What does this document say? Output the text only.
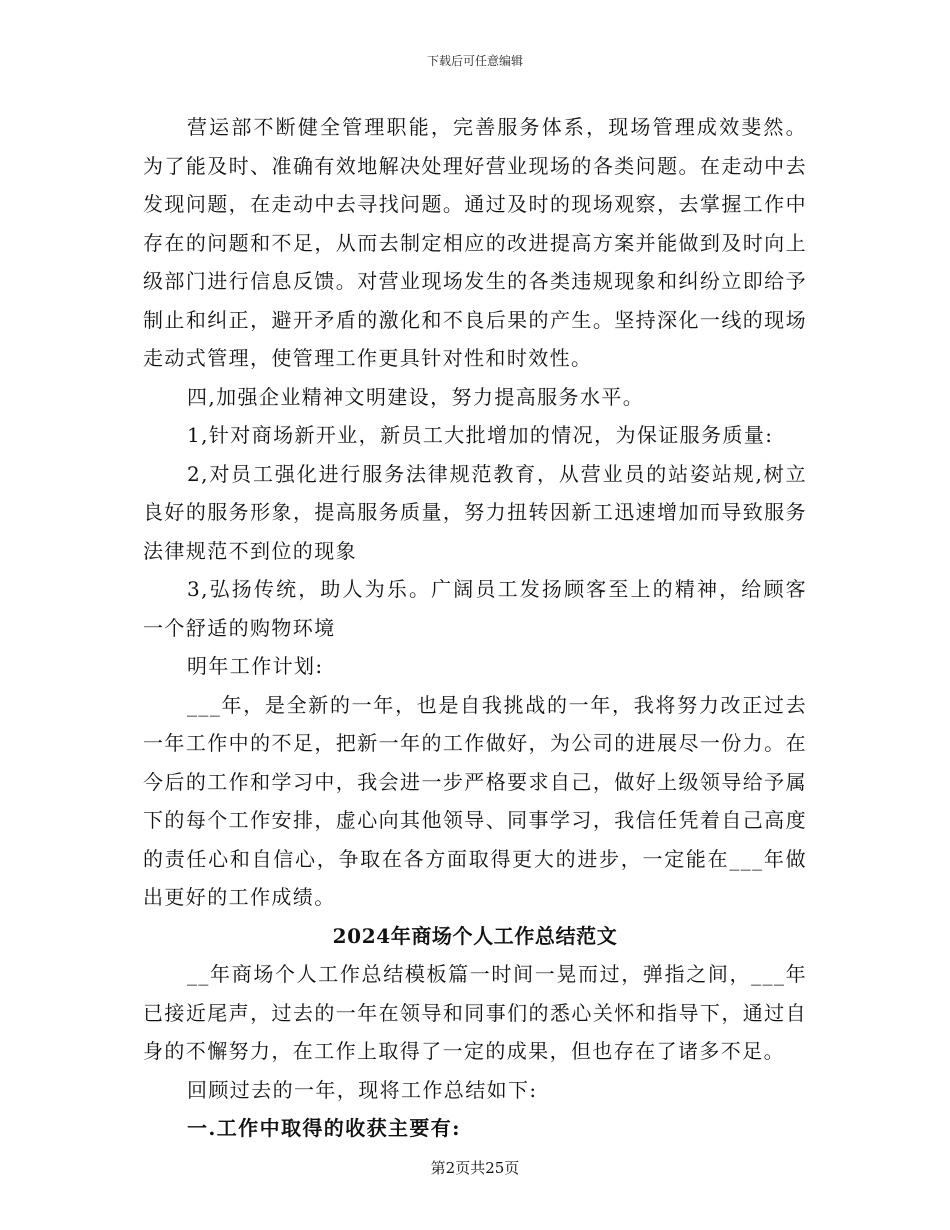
下载后可任意编辑

营运部不断健全管理职能，完善服务体系，现场管理成效斐然。为了能及时、准确有效地解决处理好营业现场的各类问题。在走动中去发现问题，在走动中去寻找问题。通过及时的现场观察，去掌握工作中存在的问题和不足，从而去制定相应的改进提高方案并能做到及时向上级部门进行信息反馈。对营业现场发生的各类违规现象和纠纷立即给予制止和纠正，避开矛盾的激化和不良后果的产生。坚持深化一线的现场走动式管理，使管理工作更具针对性和时效性。

四,加强企业精神文明建设，努力提高服务水平。

1,针对商场新开业，新员工大批增加的情况，为保证服务质量:

2,对员工强化进行服务法律规范教育，从营业员的站姿站规,树立良好的服务形象，提高服务质量，努力扭转因新工迅速增加而导致服务法律规范不到位的现象

3,弘扬传统，助人为乐。广阔员工发扬顾客至上的精神，给顾客一个舒适的购物环境

明年工作计划:

___年，是全新的一年，也是自我挑战的一年，我将努力改正过去一年工作中的不足，把新一年的工作做好，为公司的进展尽一份力。在今后的工作和学习中，我会进一步严格要求自己，做好上级领导给予属下的每个工作安排，虚心向其他领导、同事学习，我信任凭着自己高度的责任心和自信心，争取在各方面取得更大的进步，一定能在___年做出更好的工作成绩。

2024年商场个人工作总结范文

__年商场个人工作总结模板篇一时间一晃而过，弹指之间，___年已接近尾声，过去的一年在领导和同事们的悉心关怀和指导下，通过自身的不懈努力，在工作上取得了一定的成果，但也存在了诸多不足。

回顾过去的一年，现将工作总结如下:

一.工作中取得的收获主要有:

第2页共25页
